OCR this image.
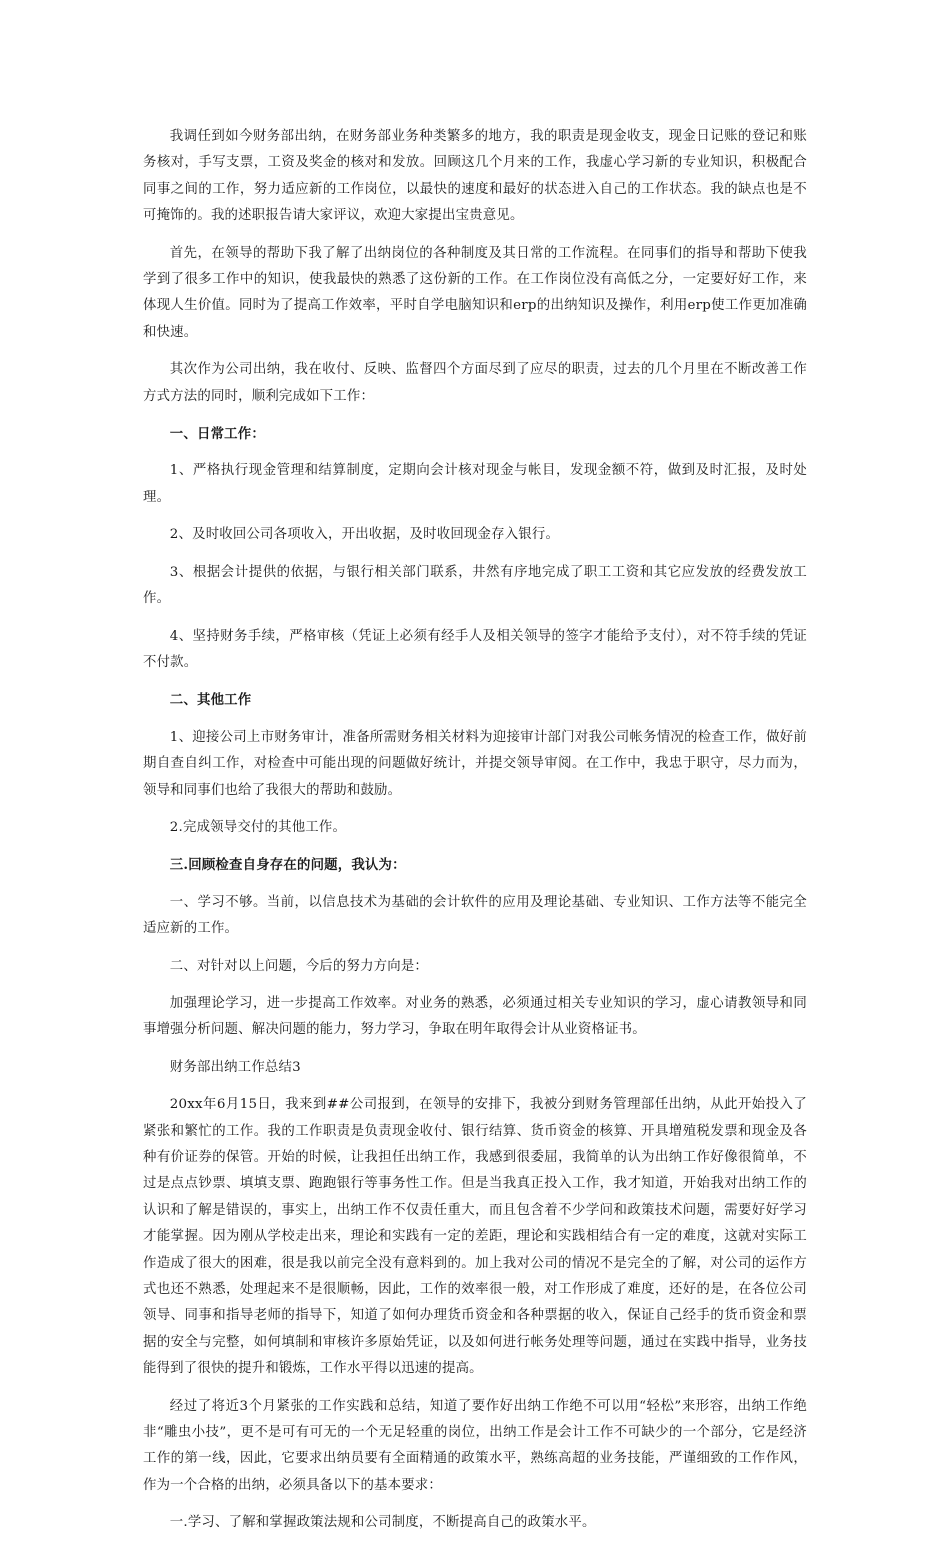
我调任到如今财务部出纳，在财务部业务种类繁多的地方，我的职责是现金收支，现金日记账的登记和账务核对，手写支票，工资及奖金的核对和发放。回顾这几个月来的工作，我虚心学习新的专业知识，积极配合同事之间的工作，努力适应新的工作岗位，以最快的速度和最好的状态进入自己的工作状态。我的缺点也是不可掩饰的。我的述职报告请大家评议，欢迎大家提出宝贵意见。

首先，在领导的帮助下我了解了出纳岗位的各种制度及其日常的工作流程。在同事们的指导和帮助下使我学到了很多工作中的知识，使我最快的熟悉了这份新的工作。在工作岗位没有高低之分，一定要好好工作，来体现人生价值。同时为了提高工作效率，平时自学电脑知识和erp的出纳知识及操作，利用erp使工作更加准确和快速。

其次作为公司出纳，我在收付、反映、监督四个方面尽到了应尽的职责，过去的几个月里在不断改善工作方式方法的同时，顺利完成如下工作：

一、日常工作：

1、严格执行现金管理和结算制度，定期向会计核对现金与帐目，发现金额不符，做到及时汇报，及时处理。

2、及时收回公司各项收入，开出收据，及时收回现金存入银行。

3、根据会计提供的依据，与银行相关部门联系，井然有序地完成了职工工资和其它应发放的经费发放工作。

4、坚持财务手续，严格审核（凭证上必须有经手人及相关领导的签字才能给予支付），对不符手续的凭证不付款。

二、其他工作

1、迎接公司上市财务审计，准备所需财务相关材料为迎接审计部门对我公司帐务情况的检查工作，做好前期自查自纠工作，对检查中可能出现的问题做好统计，并提交领导审阅。在工作中，我忠于职守，尽力而为，领导和同事们也给了我很大的帮助和鼓励。

2.完成领导交付的其他工作。

三.回顾检查自身存在的问题，我认为：

一、学习不够。当前，以信息技术为基础的会计软件的应用及理论基础、专业知识、工作方法等不能完全适应新的工作。

二、对针对以上问题，今后的努力方向是：

加强理论学习，进一步提高工作效率。对业务的熟悉，必须通过相关专业知识的学习，虚心请教领导和同事增强分析问题、解决问题的能力，努力学习，争取在明年取得会计从业资格证书。

财务部出纳工作总结3

20xx年6月15日，我来到##公司报到，在领导的安排下，我被分到财务管理部任出纳，从此开始投入了紧张和繁忙的工作。我的工作职责是负责现金收付、银行结算、货币资金的核算、开具增殖税发票和现金及各种有价证券的保管。开始的时候，让我担任出纳工作，我感到很委屈，我简单的认为出纳工作好像很简单，不过是点点钞票、填填支票、跑跑银行等事务性工作。但是当我真正投入工作，我才知道，开始我对出纳工作的认识和了解是错误的，事实上，出纳工作不仅责任重大，而且包含着不少学问和政策技术问题，需要好好学习才能掌握。因为刚从学校走出来，理论和实践有一定的差距，理论和实践相结合有一定的难度，这就对实际工作造成了很大的困难，很是我以前完全没有意料到的。加上我对公司的情况不是完全的了解，对公司的运作方式也还不熟悉，处理起来不是很顺畅，因此，工作的效率很一般，对工作形成了难度，还好的是，在各位公司领导、同事和指导老师的指导下，知道了如何办理货币资金和各种票据的收入，保证自己经手的货币资金和票据的安全与完整，如何填制和审核许多原始凭证，以及如何进行帐务处理等问题，通过在实践中指导，业务技能得到了很快的提升和锻炼，工作水平得以迅速的提高。

经过了将近3个月紧张的工作实践和总结，知道了要作好出纳工作绝不可以用“轻松”来形容，出纳工作绝非“雕虫小技”，更不是可有可无的一个无足轻重的岗位，出纳工作是会计工作不可缺少的一个部分，它是经济工作的第一线，因此，它要求出纳员要有全面精通的政策水平，熟练高超的业务技能，严谨细致的工作作风，作为一个合格的出纳，必须具备以下的基本要求：

一.学习、了解和掌握政策法规和公司制度，不断提高自己的政策水平。
